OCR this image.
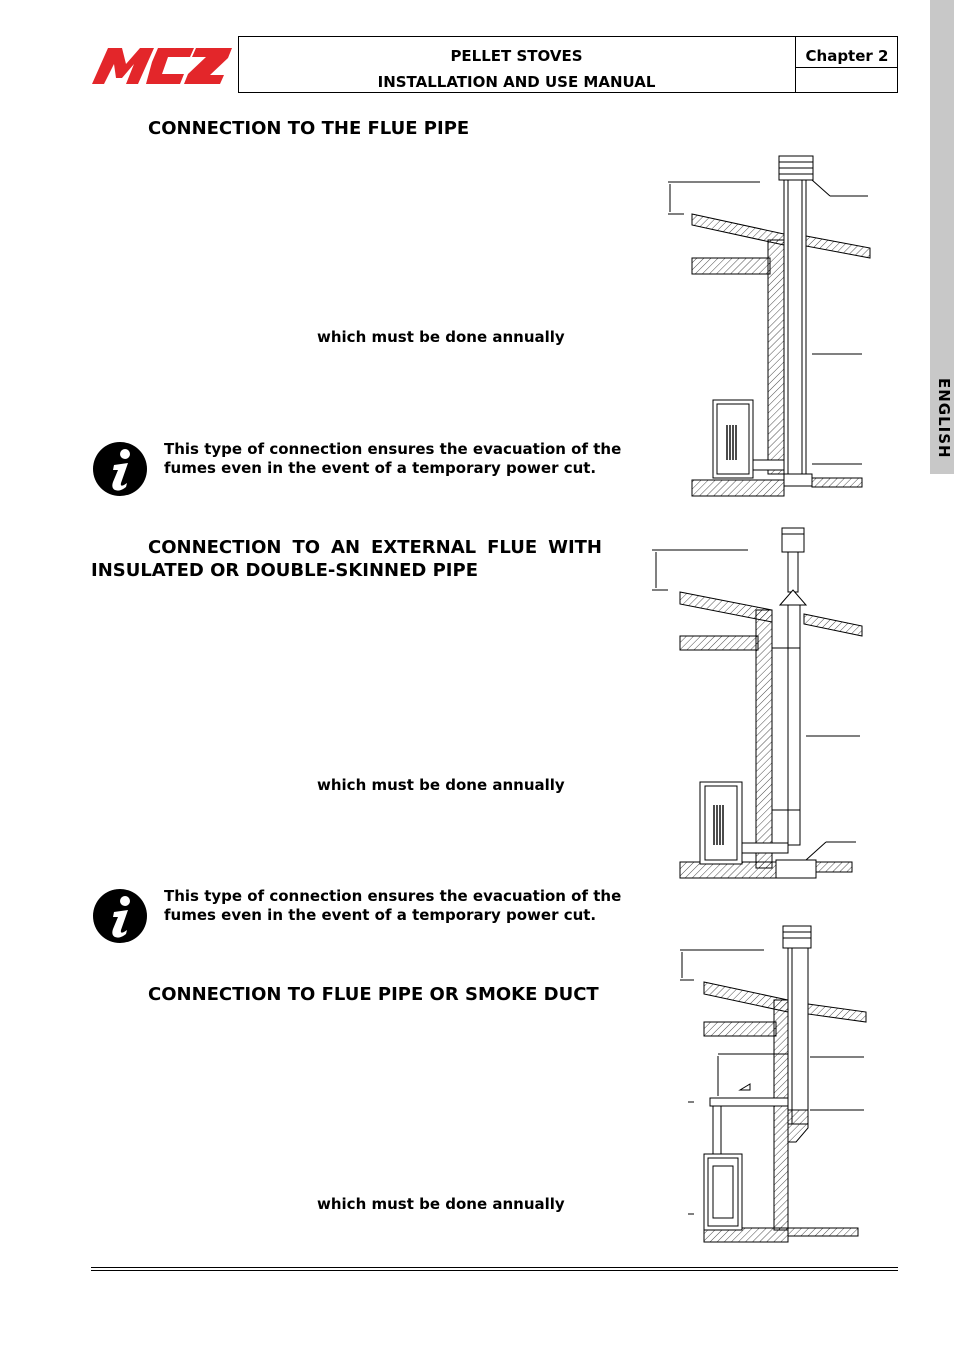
PELLET STOVES
INSTALLATION AND USE MANUAL
Chapter 2
ENGLISH
CONNECTION TO THE FLUE PIPE
which must be done annually
This type of connection ensures the evacuation of the
fumes even in the event of a temporary power cut.
CONNECTION TO AN EXTERNAL FLUE WITH
INSULATED OR DOUBLE-SKINNED PIPE
which must be done annually
This type of connection ensures the evacuation of the
fumes even in the event of a temporary power cut.
CONNECTION TO FLUE PIPE OR SMOKE DUCT
which must be done annually
